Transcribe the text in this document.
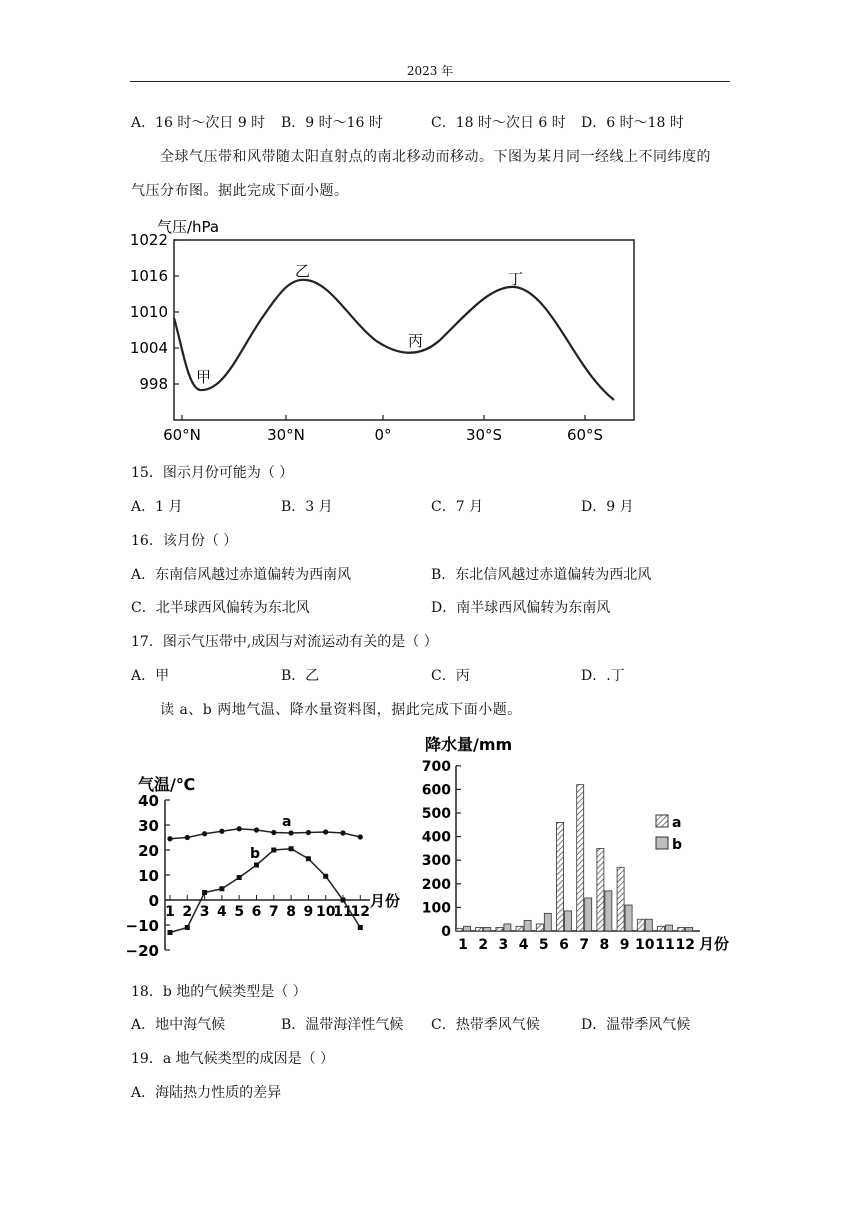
2023 年
A．16 时～次日 9 时 B．9 时～16 时	C．18 时～次日 6 时 D．6 时～18 时
全球气压带和风带随太阳直射点的南北移动而移动。下图为某月同一经线上不同纬度的
气压分布图。据此完成下面小题。
气压/hPa
1022
1016
1010
1004
998
60°N	30°N	0°	30°S	60°S
甲
乙
丙
丁
15．图示月份可能为（ ）
A．1 月	B．3 月	C．7 月	D．9 月
16．该月份（ ）
A．东南信风越过赤道偏转为西南风	B．东北信风越过赤道偏转为西北风
C．北半球西风偏转为东北风	D．南半球西风偏转为东南风
17．图示气压带中,成因与对流运动有关的是（ ）
A．甲	B．乙	C．丙	D．.丁
读 a、b 两地气温、降水量资料图，据此完成下面小题。
气温/℃
40
30
20
10
0
−10
−20
1 2 3 4 5 6 7 8 9 10
11
12
月份
a
b
降水量/mm
700
600
500
400
300
200
100
0
1 2 3 4 5 6 7 8 9 10 11 12 月份
a
b
18．b 地的气候类型是（ ）
A．地中海气候	B．温带海洋性气候 C．热带季风气候	D．温带季风气候
19．a 地气候类型的成因是（ ）
A．海陆热力性质的差异
